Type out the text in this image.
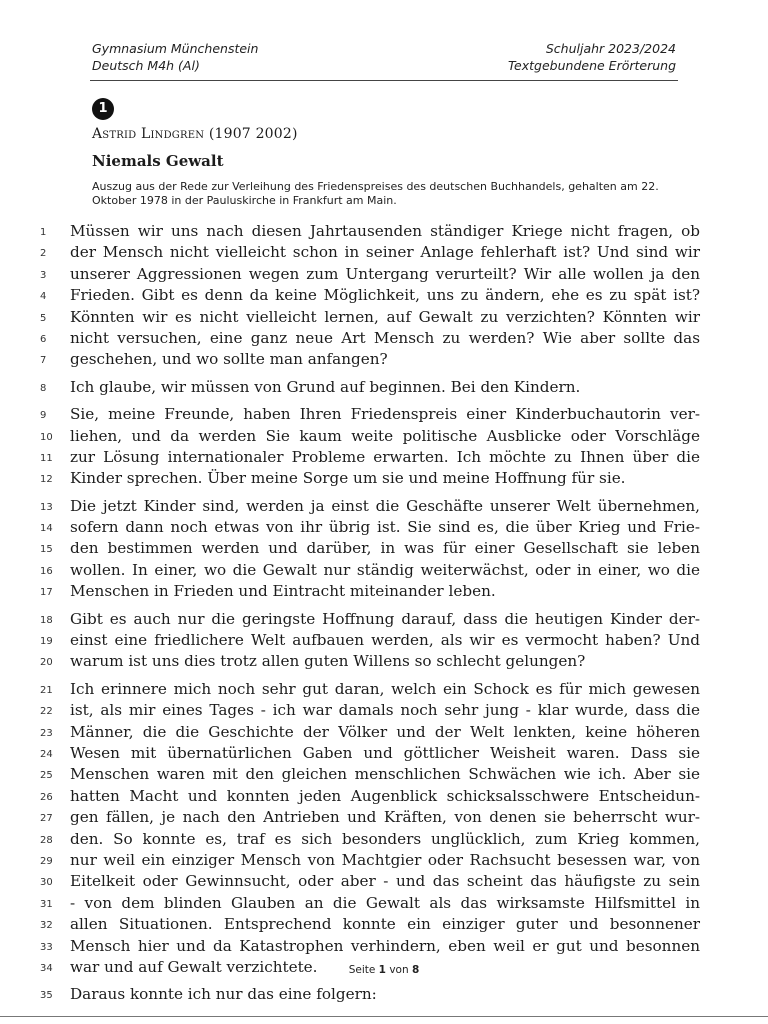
Gymnasium Münchenstein
Deutsch M4h (Al)
Schuljahr 2023/2024
Textgebundene Erörterung
1
Astrid Lindgren (1907 2002)
Niemals Gewalt
Auszug aus der Rede zur Verleihung des Friedenspreises des deutschen Buchhandels, gehalten am 22. Oktober 1978 in der Pauluskirche in Frankfurt am Main.
1	Müssen wir uns nach diesen Jahrtausenden ständiger Kriege nicht fragen, ob
2	der Mensch nicht vielleicht schon in seiner Anlage fehlerhaft ist? Und sind wir
3	unserer Aggressionen wegen zum Untergang verurteilt? Wir alle wollen ja den
4	Frieden. Gibt es denn da keine Möglichkeit, uns zu ändern, ehe es zu spät ist?
5	Könnten wir es nicht vielleicht lernen, auf Gewalt zu verzichten? Könnten wir
6	nicht versuchen, eine ganz neue Art Mensch zu werden? Wie aber sollte das
7	geschehen, und wo sollte man anfangen?
8	Ich glaube, wir müssen von Grund auf beginnen. Bei den Kindern.
9	Sie, meine Freunde, haben Ihren Friedenspreis einer Kinderbuchautorin ver-
10	liehen, und da werden Sie kaum weite politische Ausblicke oder Vorschläge
11	zur Lösung internationaler Probleme erwarten. Ich möchte zu Ihnen über die
12	Kinder sprechen. Über meine Sorge um sie und meine Hoffnung für sie.
13	Die jetzt Kinder sind, werden ja einst die Geschäfte unserer Welt übernehmen,
14	sofern dann noch etwas von ihr übrig ist. Sie sind es, die über Krieg und Frie-
15	den bestimmen werden und darüber, in was für einer Gesellschaft sie leben
16	wollen. In einer, wo die Gewalt nur ständig weiterwächst, oder in einer, wo die
17	Menschen in Frieden und Eintracht miteinander leben.
18	Gibt es auch nur die geringste Hoffnung darauf, dass die heutigen Kinder der-
19	einst eine friedlichere Welt aufbauen werden, als wir es vermocht haben? Und
20	warum ist uns dies trotz allen guten Willens so schlecht gelungen?
21	Ich erinnere mich noch sehr gut daran, welch ein Schock es für mich gewesen
22	ist, als mir eines Tages - ich war damals noch sehr jung - klar wurde, dass die
23	Männer, die die Geschichte der Völker und der Welt lenkten, keine höheren
24	Wesen mit übernatürlichen Gaben und göttlicher Weisheit waren. Dass sie
25	Menschen waren mit den gleichen menschlichen Schwächen wie ich. Aber sie
26	hatten Macht und konnten jeden Augenblick schicksalsschwere Entscheidun-
27	gen fällen, je nach den Antrieben und Kräften, von denen sie beherrscht wur-
28	den. So konnte es, traf es sich besonders unglücklich, zum Krieg kommen,
29	nur weil ein einziger Mensch von Machtgier oder Rachsucht besessen war, von
30	Eitelkeit oder Gewinnsucht, oder aber - und das scheint das häufigste zu sein
31	- von dem blinden Glauben an die Gewalt als das wirksamste Hilfsmittel in
32	allen Situationen. Entsprechend konnte ein einziger guter und besonnener
33	Mensch hier und da Katastrophen verhindern, eben weil er gut und besonnen
34	war und auf Gewalt verzichtete.
35	Daraus konnte ich nur das eine folgern:
Seite 1 von 8
